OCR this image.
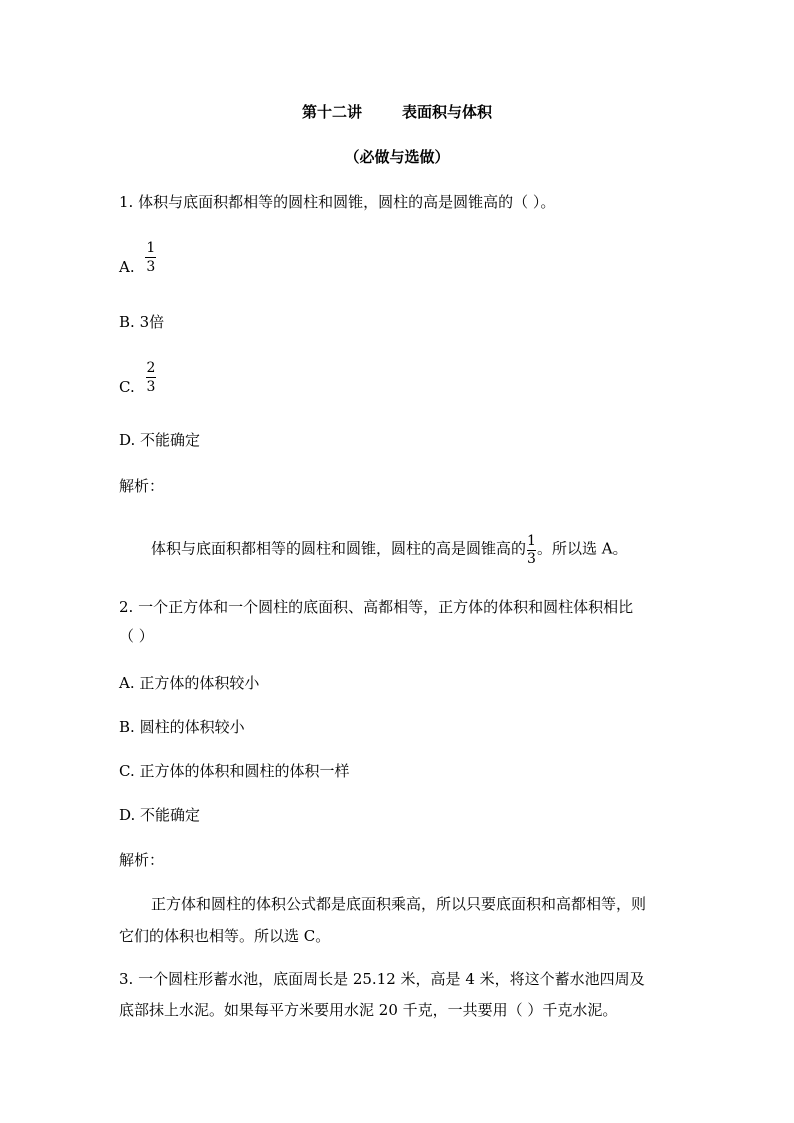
第十二讲	表面积与体积
（必做与选做）
1. 体积与底面积都相等的圆柱和圆锥，圆柱的高是圆锥高的（ ）。
A. $\frac{1}{3}$
B. 3倍
C. $\frac{2}{3}$
D. 不能确定
解析：
体积与底面积都相等的圆柱和圆锥，圆柱的高是圆锥高的 $\frac{1}{3}$ 。所以选 A。
2. 一个正方体和一个圆柱的底面积、高都相等，正方体的体积和圆柱体积相比
（ ）
A. 正方体的体积较小
B. 圆柱的体积较小
C. 正方体的体积和圆柱的体积一样
D. 不能确定
解析：
正方体和圆柱的体积公式都是底面积乘高，所以只要底面积和高都相等，则
它们的体积也相等。所以选 C。
3. 一个圆柱形蓄水池，底面周长是 25.12 米，高是 4 米，将这个蓄水池四周及
底部抹上水泥。如果每平方米要用水泥 20 千克，一共要用（ ）千克水泥。
